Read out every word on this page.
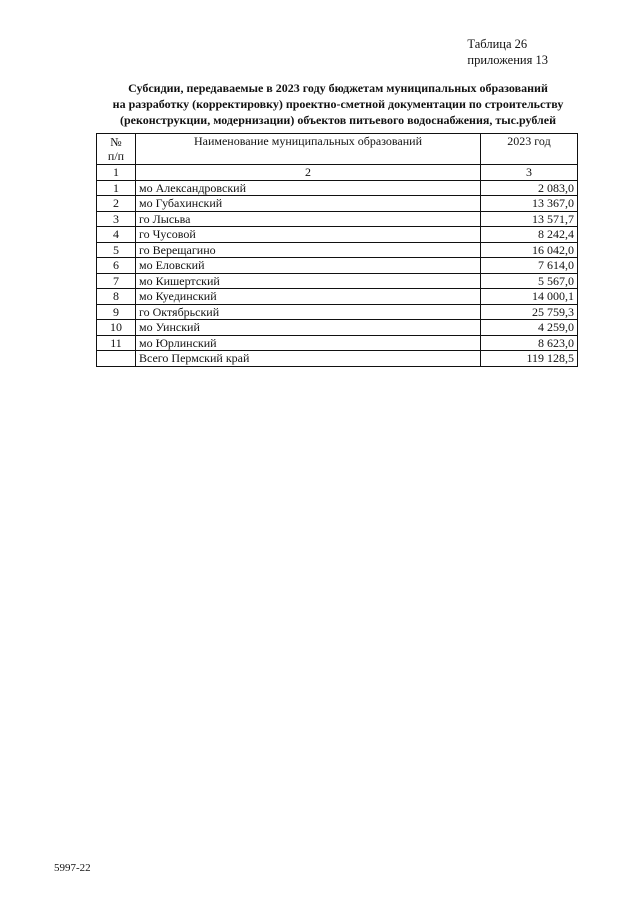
Таблица 26
приложения 13
Субсидии, передаваемые в 2023 году бюджетам муниципальных образований
на разработку (корректировку) проектно-сметной документации по строительству
(реконструкции, модернизации) объектов питьевого водоснабжения, тыс.рублей
№
п/п	Наименование муниципальных образований	2023 год
1	2	3
1	мо Александровский	2 083,0
2	мо Губахинский	13 367,0
3	го Лысьва	13 571,7
4	го Чусовой	8 242,4
5	го Верещагино	16 042,0
6	мо Еловский	7 614,0
7	мо Кишертский	5 567,0
8	мо Куединский	14 000,1
9	го Октябрьский	25 759,3
10	мо Уинский	4 259,0
11	мо Юрлинский	8 623,0
	Всего Пермский край	119 128,5
5997-22
